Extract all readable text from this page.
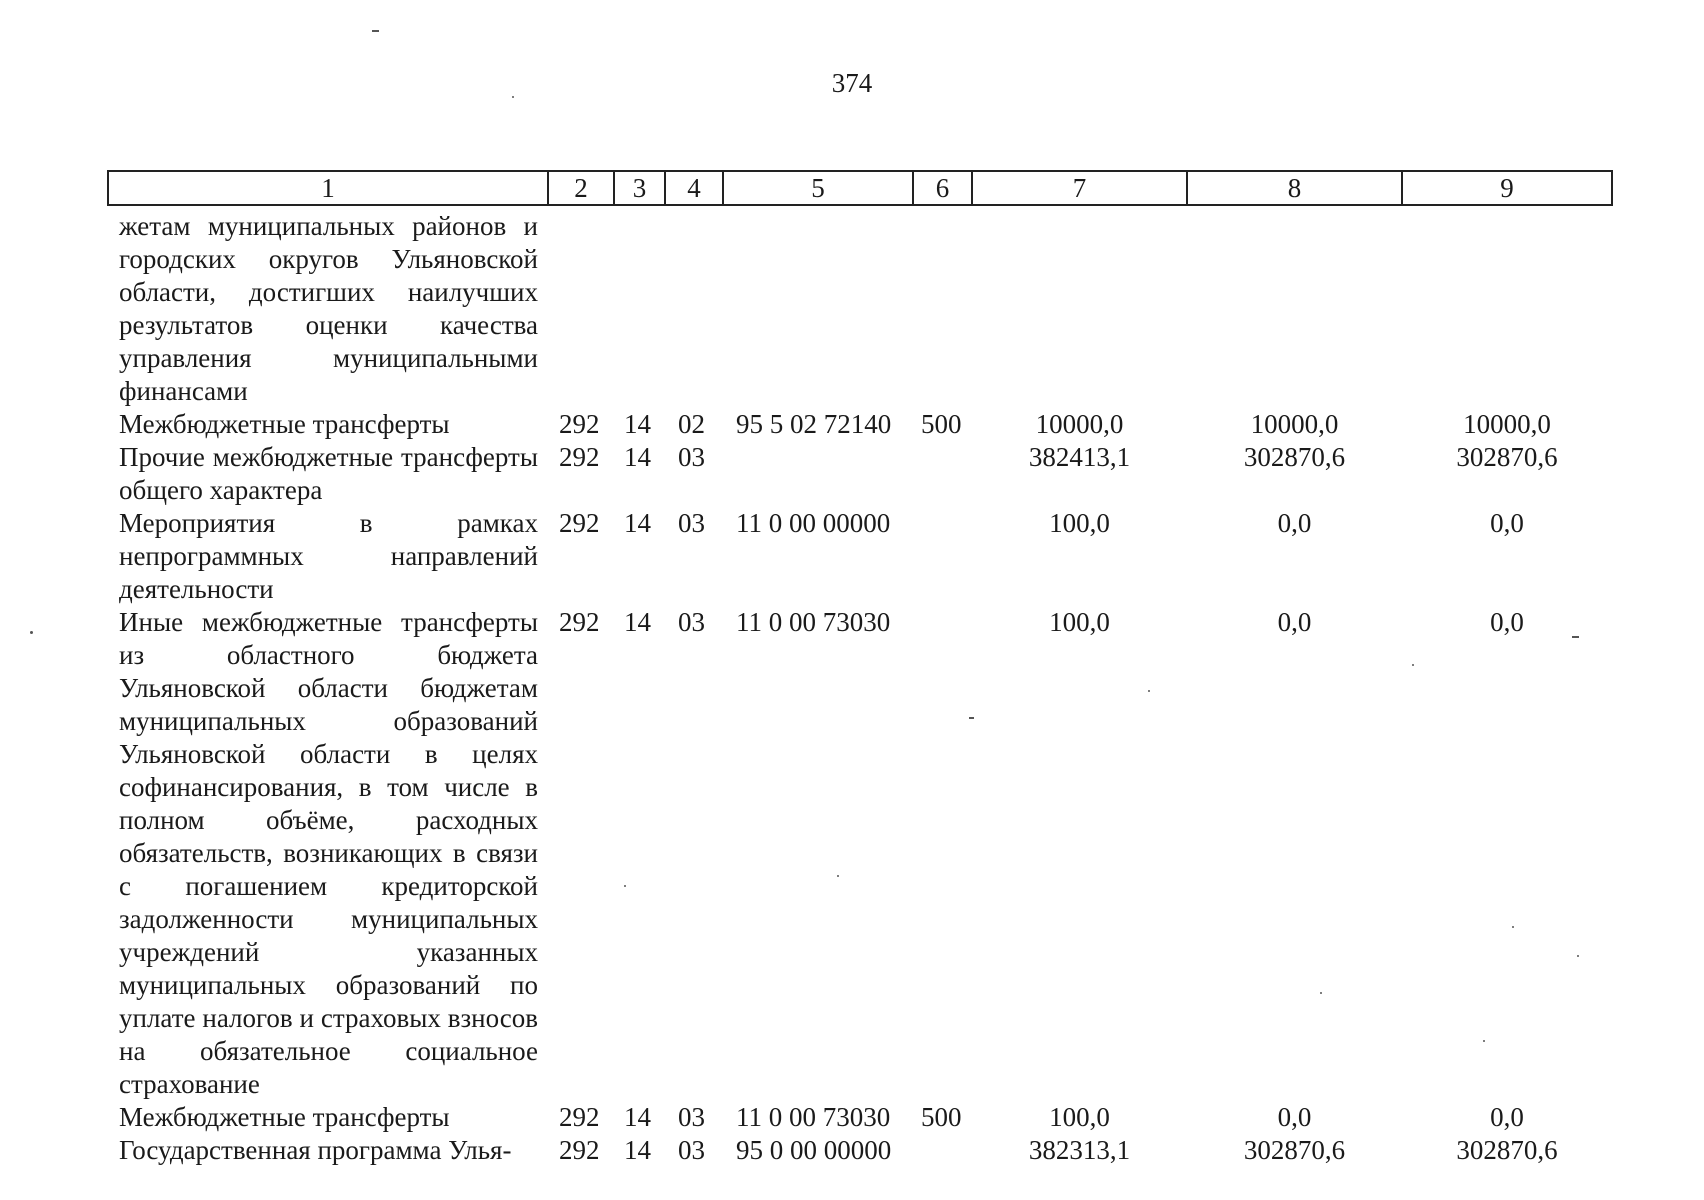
374
1	2	3	4	5	6	7	8	9
жетам муниципальных районов и городских округов Ульяновской области, достигших наилучших результатов оценки качества управления муниципальными финансами								
Межбюджетные трансферты	292	14	02	95 5 02 72140	500	10000,0	10000,0	10000,0
Прочие межбюджетные трансферты общего характера	292	14	03			382413,1	302870,6	302870,6
Мероприятия в рамках непрограммных направлений деятельности	292	14	03	11 0 00 00000		100,0	0,0	0,0
Иные межбюджетные трансферты из областного бюджета Ульяновской области бюджетам муниципальных образований Ульяновской области в целях софинансирования, в том числе в полном объёме, расходных обязательств, возникающих в связи с погашением кредиторской задолженности муниципальных учреждений указанных муниципальных образований по уплате налогов и страховых взносов на обязательное социальное страхование	292	14	03	11 0 00 73030		100,0	0,0	0,0
Межбюджетные трансферты	292	14	03	11 0 00 73030	500	100,0	0,0	0,0
Государственная программа Улья-	292	14	03	95 0 00 00000		382313,1	302870,6	302870,6
